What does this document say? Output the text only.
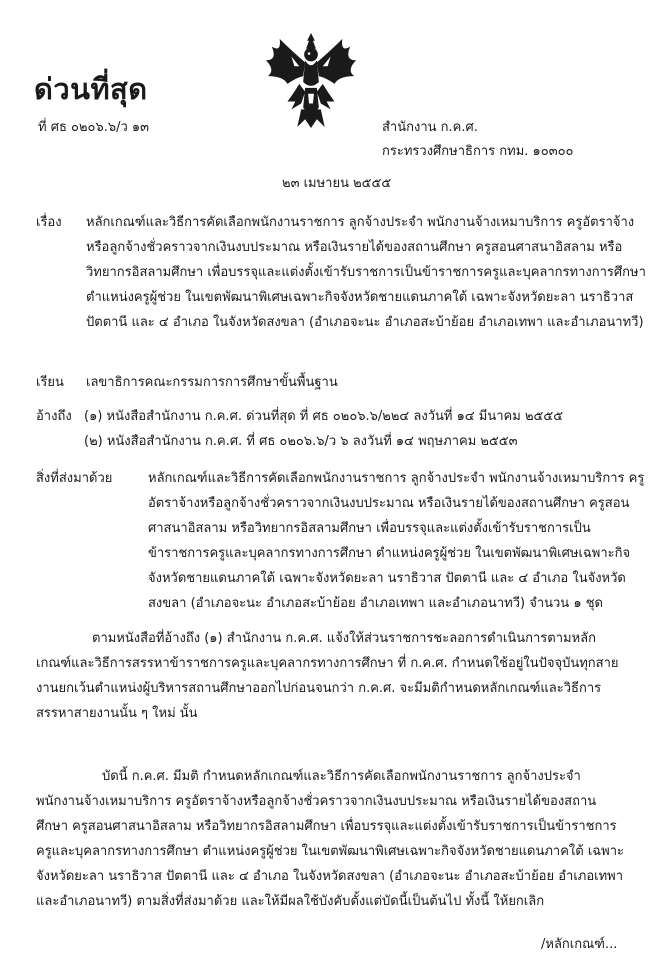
ด่วนที่สุด
ที่ ศธ ๐๒๐๖.๖/ว ๑๓	สำนักงาน ก.ค.ศ.
กระทรวงศึกษาธิการ กทม. ๑๐๓๐๐
๒๓ เมษายน ๒๕๕๕
เรื่อง หลักเกณฑ์และวิธีการคัดเลือกพนักงานราชการ ลูกจ้างประจำ พนักงานจ้างเหมาบริการ ครูอัตราจ้าง หรือลูกจ้างชั่วคราวจากเงินงบประมาณ หรือเงินรายได้ของสถานศึกษา ครูสอนศาสนาอิสลาม หรือวิทยากรอิสลามศึกษา เพื่อบรรจุและแต่งตั้งเข้ารับราชการเป็นข้าราชการครูและบุคลากรทางการศึกษา ตำแหน่งครูผู้ช่วย ในเขตพัฒนาพิเศษเฉพาะกิจจังหวัดชายแดนภาคใต้ เฉพาะจังหวัดยะลา นราธิวาส ปัตตานี และ ๔ อำเภอ ในจังหวัดสงขลา (อำเภอจะนะ อำเภอสะบ้าย้อย อำเภอเทพา และอำเภอนาทวี)
เรียน เลขาธิการคณะกรรมการการศึกษาขั้นพื้นฐาน
อ้างถึง (๑) หนังสือสำนักงาน ก.ค.ศ. ด่วนที่สุด ที่ ศธ ๐๒๐๖.๖/๒๒๔ ลงวันที่ ๑๔ มีนาคม ๒๕๕๕
(๒) หนังสือสำนักงาน ก.ค.ศ. ที่ ศธ ๐๒๐๖.๖/ว ๖ ลงวันที่ ๑๔ พฤษภาคม ๒๕๕๓
สิ่งที่ส่งมาด้วย	หลักเกณฑ์และวิธีการคัดเลือกพนักงานราชการ ลูกจ้างประจำ พนักงานจ้างเหมาบริการ ครูอัตราจ้างหรือลูกจ้างชั่วคราวจากเงินงบประมาณ หรือเงินรายได้ของสถานศึกษา ครูสอนศาสนาอิสลาม หรือวิทยากรอิสลามศึกษา เพื่อบรรจุและแต่งตั้งเข้ารับราชการเป็นข้าราชการครูและบุคลากรทางการศึกษา ตำแหน่งครูผู้ช่วย ในเขตพัฒนาพิเศษเฉพาะกิจจังหวัดชายแดนภาคใต้ เฉพาะจังหวัดยะลา นราธิวาส ปัตตานี และ ๔ อำเภอ ในจังหวัดสงขลา (อำเภอจะนะ อำเภอสะบ้าย้อย อำเภอเทพา และอำเภอนาทวี) จำนวน ๑ ชุด
ตามหนังสือที่อ้างถึง (๑) สำนักงาน ก.ค.ศ. แจ้งให้ส่วนราชการชะลอการดำเนินการตามหลักเกณฑ์และวิธีการสรรหาข้าราชการครูและบุคลากรทางการศึกษา ที่ ก.ค.ศ. กำหนดใช้อยู่ในปัจจุบันทุกสายงานยกเว้นตำแหน่งผู้บริหารสถานศึกษาออกไปก่อนจนกว่า ก.ค.ศ. จะมีมติกำหนดหลักเกณฑ์และวิธีการสรรหาสายงานนั้น ๆ ใหม่ นั้น
บัดนี้ ก.ค.ศ. มีมติ กำหนดหลักเกณฑ์และวิธีการคัดเลือกพนักงานราชการ ลูกจ้างประจำ พนักงานจ้างเหมาบริการ ครูอัตราจ้างหรือลูกจ้างชั่วคราวจากเงินงบประมาณ หรือเงินรายได้ของสถานศึกษา ครูสอนศาสนาอิสลาม หรือวิทยากรอิสลามศึกษา เพื่อบรรจุและแต่งตั้งเข้ารับราชการเป็นข้าราชการครูและบุคลากรทางการศึกษา ตำแหน่งครูผู้ช่วย ในเขตพัฒนาพิเศษเฉพาะกิจจังหวัดชายแดนภาคใต้ เฉพาะจังหวัดยะลา นราธิวาส ปัตตานี และ ๔ อำเภอ ในจังหวัดสงขลา (อำเภอจะนะ อำเภอสะบ้าย้อย อำเภอเทพา และอำเภอนาทวี) ตามสิ่งที่ส่งมาด้วย และให้มีผลใช้บังคับตั้งแต่บัดนี้เป็นต้นไป ทั้งนี้ ให้ยกเลิก
/หลักเกณฑ์...
